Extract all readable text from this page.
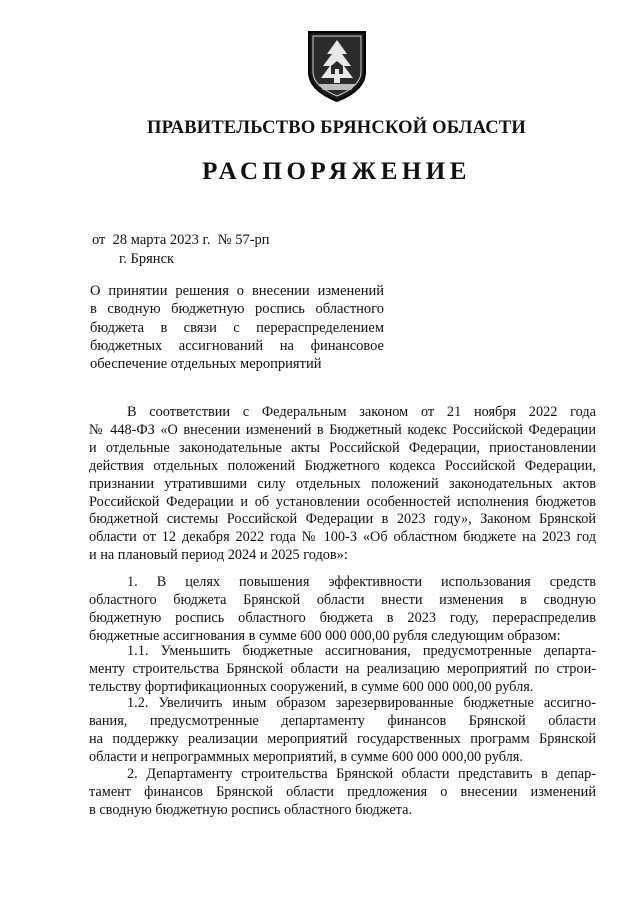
ПРАВИТЕЛЬСТВО БРЯНСКОЙ ОБЛАСТИ
РАСПОРЯЖЕНИЕ
от 28 марта 2023 г. № 57-рп
г. Брянск
О принятии решения о внесении изменений
в сводную бюджетную роспись областного
бюджета в связи с перераспределением
бюджетных ассигнований на финансовое
обеспечение отдельных мероприятий
В соответствии с Федеральным законом от 21 ноября 2022 года
№ 448-ФЗ «О внесении изменений в Бюджетный кодекс Российской Федерации
и отдельные законодательные акты Российской Федерации, приостановлении
действия отдельных положений Бюджетного кодекса Российской Федерации,
признании утратившими силу отдельных положений законодательных актов
Российской Федерации и об установлении особенностей исполнения бюджетов
бюджетной системы Российской Федерации в 2023 году», Законом Брянской
области от 12 декабря 2022 года № 100-З «Об областном бюджете на 2023 год
и на плановый период 2024 и 2025 годов»:
1. В целях повышения эффективности использования средств
областного бюджета Брянской области внести изменения в сводную
бюджетную роспись областного бюджета в 2023 году, перераспределив
бюджетные ассигнования в сумме 600 000 000,00 рубля следующим образом:
1.1. Уменьшить бюджетные ассигнования, предусмотренные департа-
менту строительства Брянской области на реализацию мероприятий по строи-
тельству фортификационных сооружений, в сумме 600 000 000,00 рубля.
1.2. Увеличить иным образом зарезервированные бюджетные ассигно-
вания, предусмотренные департаменту финансов Брянской области
на поддержку реализации мероприятий государственных программ Брянской
области и непрограммных мероприятий, в сумме 600 000 000,00 рубля.
2. Департаменту строительства Брянской области представить в депар-
тамент финансов Брянской области предложения о внесении изменений
в сводную бюджетную роспись областного бюджета.
